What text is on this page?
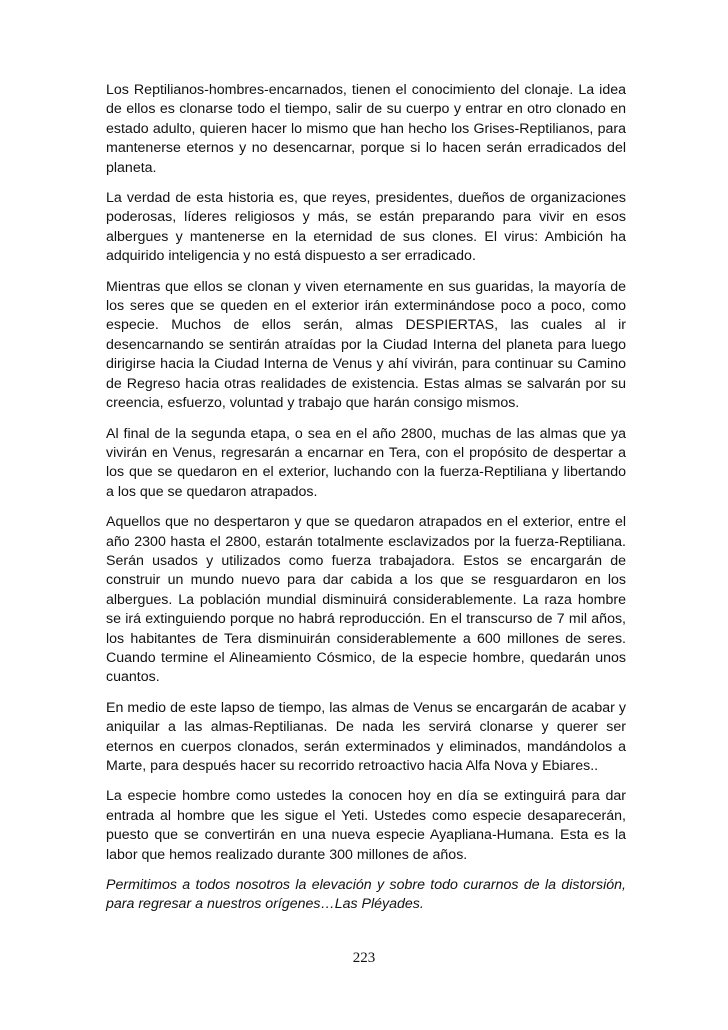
Los Reptilianos-hombres-encarnados, tienen el conocimiento del clonaje. La idea de ellos es clonarse todo el tiempo, salir de su cuerpo y entrar en otro clonado en estado adulto, quieren hacer lo mismo que han hecho los Grises-Reptilianos, para mantenerse eternos y no desencarnar, porque si lo hacen serán erradicados del planeta.

La verdad de esta historia es, que reyes, presidentes, dueños de organizaciones poderosas, líderes religiosos y más, se están preparando para vivir en esos albergues y mantenerse en la eternidad de sus clones. El virus: Ambición ha adquirido inteligencia y no está dispuesto a ser erradicado.

Mientras que ellos se clonan y viven eternamente en sus guaridas, la mayoría de los seres que se queden en el exterior irán exterminándose poco a poco, como especie. Muchos de ellos serán, almas DESPIERTAS, las cuales al ir desencarnando se sentirán atraídas por la Ciudad Interna del planeta para luego dirigirse hacia la Ciudad Interna de Venus y ahí vivirán, para continuar su Camino de Regreso hacia otras realidades de existencia. Estas almas se salvarán por su creencia, esfuerzo, voluntad y trabajo que harán consigo mismos.

Al final de la segunda etapa, o sea en el año 2800, muchas de las almas que ya vivirán en Venus, regresarán a encarnar en Tera, con el propósito de despertar a los que se quedaron en el exterior, luchando con la fuerza-Reptiliana y libertando a los que se quedaron atrapados.

Aquellos que no despertaron y que se quedaron atrapados en el exterior, entre el año 2300 hasta el 2800, estarán totalmente esclavizados por la fuerza-Reptiliana. Serán usados y utilizados como fuerza trabajadora. Estos se encargarán de construir un mundo nuevo para dar cabida a los que se resguardaron en los albergues. La población mundial disminuirá considerablemente. La raza hombre se irá extinguiendo porque no habrá reproducción. En el transcurso de 7 mil años, los habitantes de Tera disminuirán considerablemente a 600 millones de seres. Cuando termine el Alineamiento Cósmico, de la especie hombre, quedarán unos cuantos.

En medio de este lapso de tiempo, las almas de Venus se encargarán de acabar y aniquilar a las almas-Reptilianas. De nada les servirá clonarse y querer ser eternos en cuerpos clonados, serán exterminados y eliminados, mandándolos a Marte, para después hacer su recorrido retroactivo hacia Alfa Nova y Ebiares..

La especie hombre como ustedes la conocen hoy en día se extinguirá para dar entrada al hombre que les sigue el Yeti. Ustedes como especie desaparecerán, puesto que se convertirán en una nueva especie Ayapliana-Humana. Esta es la labor que hemos realizado durante 300 millones de años.

Permitimos a todos nosotros la elevación y sobre todo curarnos de la distorsión, para regresar a nuestros orígenes…Las Pléyades.

223
